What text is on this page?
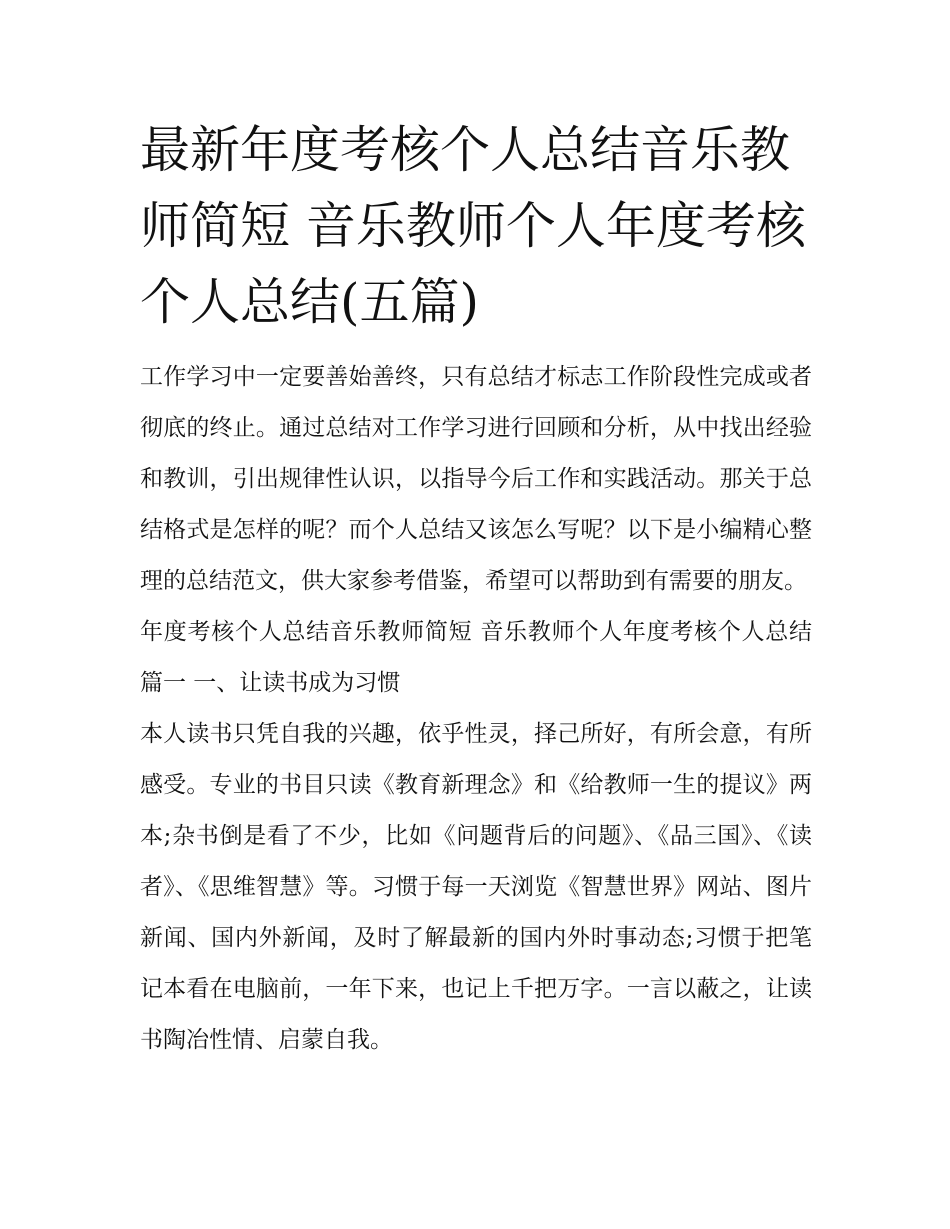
最新年度考核个人总结音乐教师简短 音乐教师个人年度考核个人总结(五篇)

工作学习中一定要善始善终，只有总结才标志工作阶段性完成或者彻底的终止。通过总结对工作学习进行回顾和分析，从中找出经验和教训，引出规律性认识，以指导今后工作和实践活动。那关于总结格式是怎样的呢？而个人总结又该怎么写呢？以下是小编精心整理的总结范文，供大家参考借鉴，希望可以帮助到有需要的朋友。

年度考核个人总结音乐教师简短 音乐教师个人年度考核个人总结篇一 一、让读书成为习惯

本人读书只凭自我的兴趣，依乎性灵，择己所好，有所会意，有所感受。专业的书目只读《教育新理念》和《给教师一生的提议》两本;杂书倒是看了不少，比如《问题背后的问题》、《品三国》、《读者》、《思维智慧》等。习惯于每一天浏览《智慧世界》网站、图片新闻、国内外新闻，及时了解最新的国内外时事动态;习惯于把笔记本看在电脑前，一年下来，也记上千把万字。一言以蔽之，让读书陶冶性情、启蒙自我。
